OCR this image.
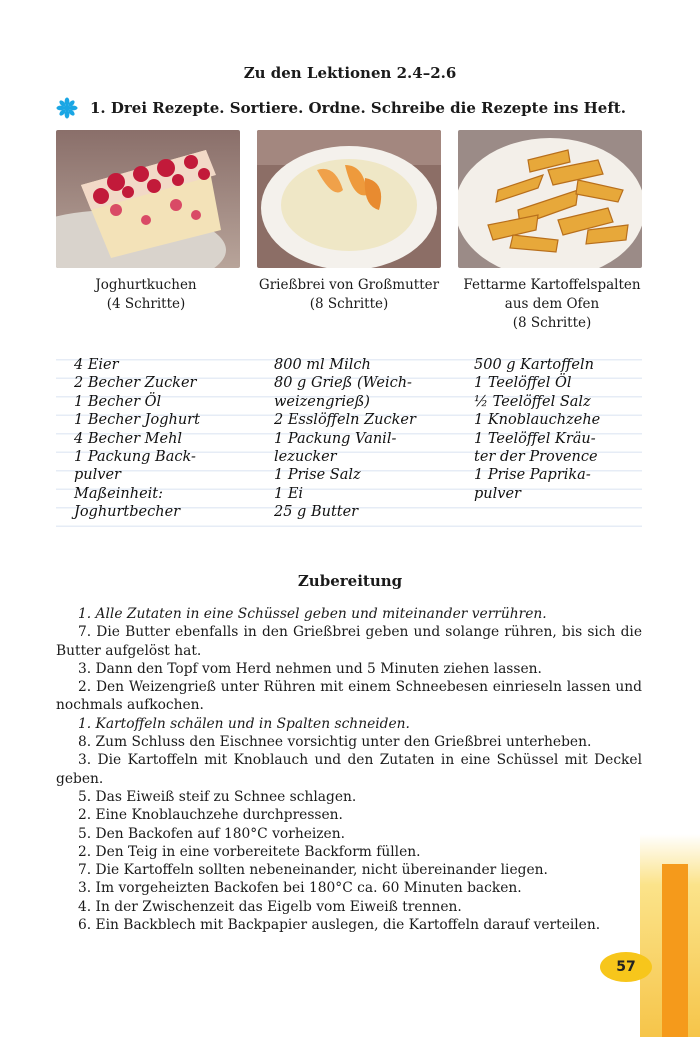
Zu den Lektionen 2.4–2.6
1. Drei Rezepte. Sortiere. Ordne. Schreibe die Rezepte ins Heft.
Joghurtkuchen
(4 Schritte)
Grießbrei von Großmutter
(8 Schritte)
Fettarme Kartoffelspalten aus dem Ofen
(8 Schritte)
4 Eier
2 Becher Zucker
1 Becher Öl
1 Becher Joghurt
4 Becher Mehl
1 Packung Back-
pulver
Maßeinheit:
Joghurtbecher
800 ml Milch
80 g Grieß (Weich-
weizengrieß)
2 Esslöffeln Zucker
1 Packung Vanil-
lezucker
1 Prise Salz
1 Ei
25 g Butter
500 g Kartoffeln
1 Teelöffel Öl
½ Teelöffel Salz
1 Knoblauchzehe
1 Teelöffel Kräu-
ter der Provence
1 Prise Paprika-
pulver
Zubereitung

1. Alle Zutaten in eine Schüssel geben und miteinander verrühren.

7. Die Butter ebenfalls in den Grießbrei geben und solange rühren, bis sich die Butter aufgelöst hat.

3. Dann den Topf vom Herd nehmen und 5 Minuten ziehen lassen.

2. Den Weizengrieß unter Rühren mit einem Schneebesen einrieseln lassen und nochmals aufkochen.

1. Kartoffeln schälen und in Spalten schneiden.

8. Zum Schluss den Eischnee vorsichtig unter den Grießbrei unterheben.

3. Die Kartoffeln mit Knoblauch und den Zutaten in eine Schüssel mit Deckel geben.

5. Das Eiweiß steif zu Schnee schlagen.

2. Eine Knoblauchzehe durchpressen.

5. Den Backofen auf 180°C vorheizen.

2. Den Teig in eine vorbereitete Backform füllen.

7. Die Kartoffeln sollten nebeneinander, nicht übereinander liegen.

3. Im vorgeheizten Backofen bei 180°C ca. 60 Minuten backen.

4. In der Zwischenzeit das Eigelb vom Eiweiß trennen.

6. Ein Backblech mit Backpapier auslegen, die Kartoffeln darauf verteilen.

57
